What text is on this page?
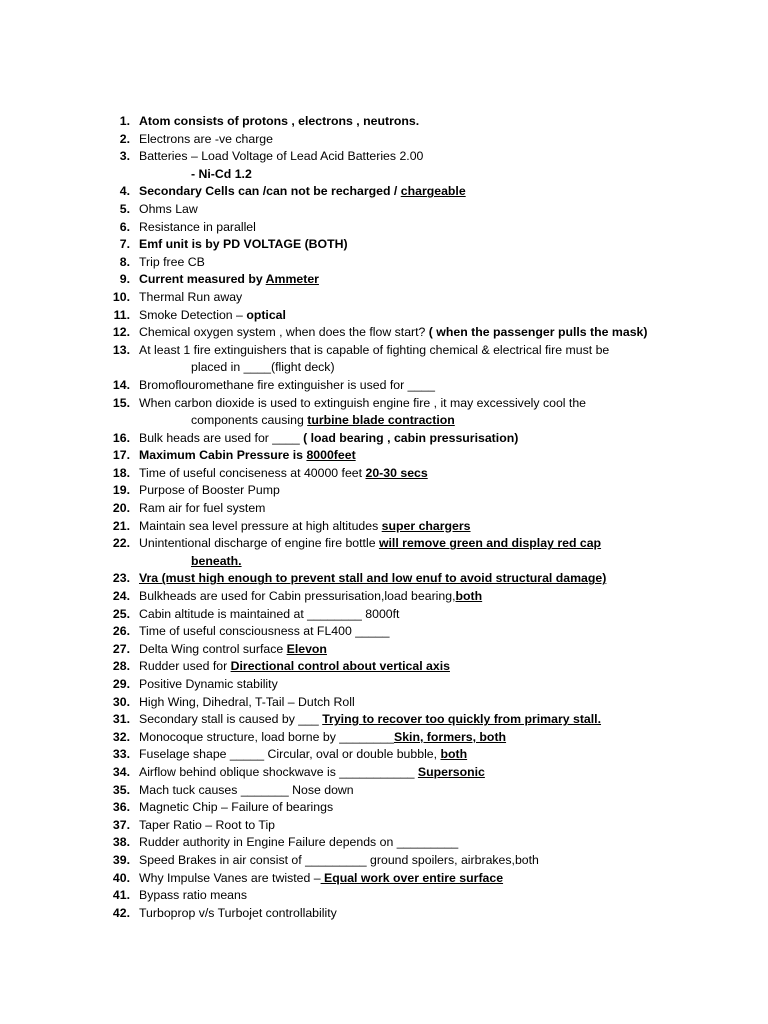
1. Atom consists of protons , electrons , neutrons.
2. Electrons are -ve charge
3. Batteries – Load Voltage of Lead Acid Batteries 2.00
- Ni-Cd 1.2
4. Secondary Cells can /can not be recharged / chargeable
5. Ohms Law
6. Resistance in parallel
7. Emf unit is by PD VOLTAGE (BOTH)
8. Trip free CB
9. Current measured by Ammeter
10. Thermal Run away
11. Smoke Detection – optical
12. Chemical oxygen system , when does the flow start? ( when the passenger pulls the mask)
13. At least 1 fire extinguishers that is capable of fighting chemical & electrical fire must be
placed in ____(flight deck)
14. Bromoflouromethane fire extinguisher is used for ____
15. When carbon dioxide is used to extinguish engine fire , it may excessively cool the
components causing turbine blade contraction
16. Bulk heads are used for ____ ( load bearing , cabin pressurisation)
17. Maximum Cabin Pressure is 8000feet
18. Time of useful conciseness at 40000 feet 20-30 secs
19. Purpose of Booster Pump
20. Ram air for fuel system
21. Maintain sea level pressure at high altitudes super chargers
22. Unintentional discharge of engine fire bottle will remove green and display red cap
beneath.
23. Vra (must high enough to prevent stall and low enuf to avoid structural damage)
24. Bulkheads are used for Cabin pressurisation,load bearing,both
25. Cabin altitude is maintained at ________ 8000ft
26. Time of useful consciousness at FL400 _____
27. Delta Wing control surface Elevon
28. Rudder used for Directional control about vertical axis
29. Positive Dynamic stability
30. High Wing, Dihedral, T-Tail – Dutch Roll
31. Secondary stall is caused by ___ Trying to recover too quickly from primary stall.
32. Monocoque structure, load borne by ________Skin, formers, both
33. Fuselage shape _____ Circular, oval or double bubble, both
34. Airflow behind oblique shockwave is ___________ Supersonic
35. Mach tuck causes _______ Nose down
36. Magnetic Chip – Failure of bearings
37. Taper Ratio – Root to Tip
38. Rudder authority in Engine Failure depends on _________
39. Speed Brakes in air consist of _________ ground spoilers, airbrakes,both
40. Why Impulse Vanes are twisted – Equal work over entire surface
41. Bypass ratio means
42. Turboprop v/s Turbojet controllability
